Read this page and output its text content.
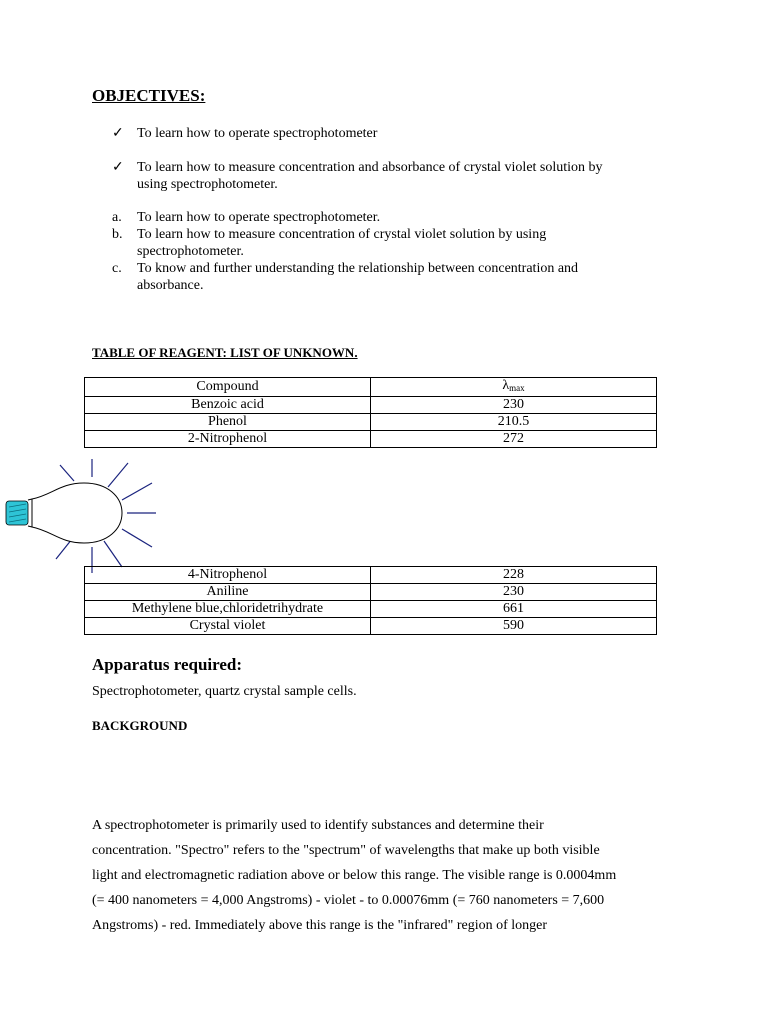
OBJECTIVES:
✓ To learn how to operate spectrophotometer
✓ To learn how to measure concentration and absorbance of crystal violet solution by
using spectrophotometer.
a.	To learn how to operate spectrophotometer.
b.	To learn how to measure concentration of crystal violet solution by using
spectrophotometer.
c.	To know and further understanding the relationship between concentration and
absorbance.
TABLE OF REAGENT: LIST OF UNKNOWN.
Compound	$\lambda_{max}$
Benzoic acid	230
Phenol	210.5
2-Nitrophenol	272
4-Nitrophenol	228
Aniline	230
Methylene blue,chloridetrihydrate	661
Crystal violet	590
Apparatus required:
Spectrophotometer, quartz crystal sample cells.
BACKGROUND
A spectrophotometer is primarily used to identify substances and determine their
concentration. "Spectro" refers to the "spectrum" of wavelengths that make up both visible
light and electromagnetic radiation above or below this range. The visible range is 0.0004mm
(= 400 nanometers = 4,000 Angstroms) - violet - to 0.00076mm (= 760 nanometers = 7,600
Angstroms) - red. Immediately above this range is the "infrared" region of longer
